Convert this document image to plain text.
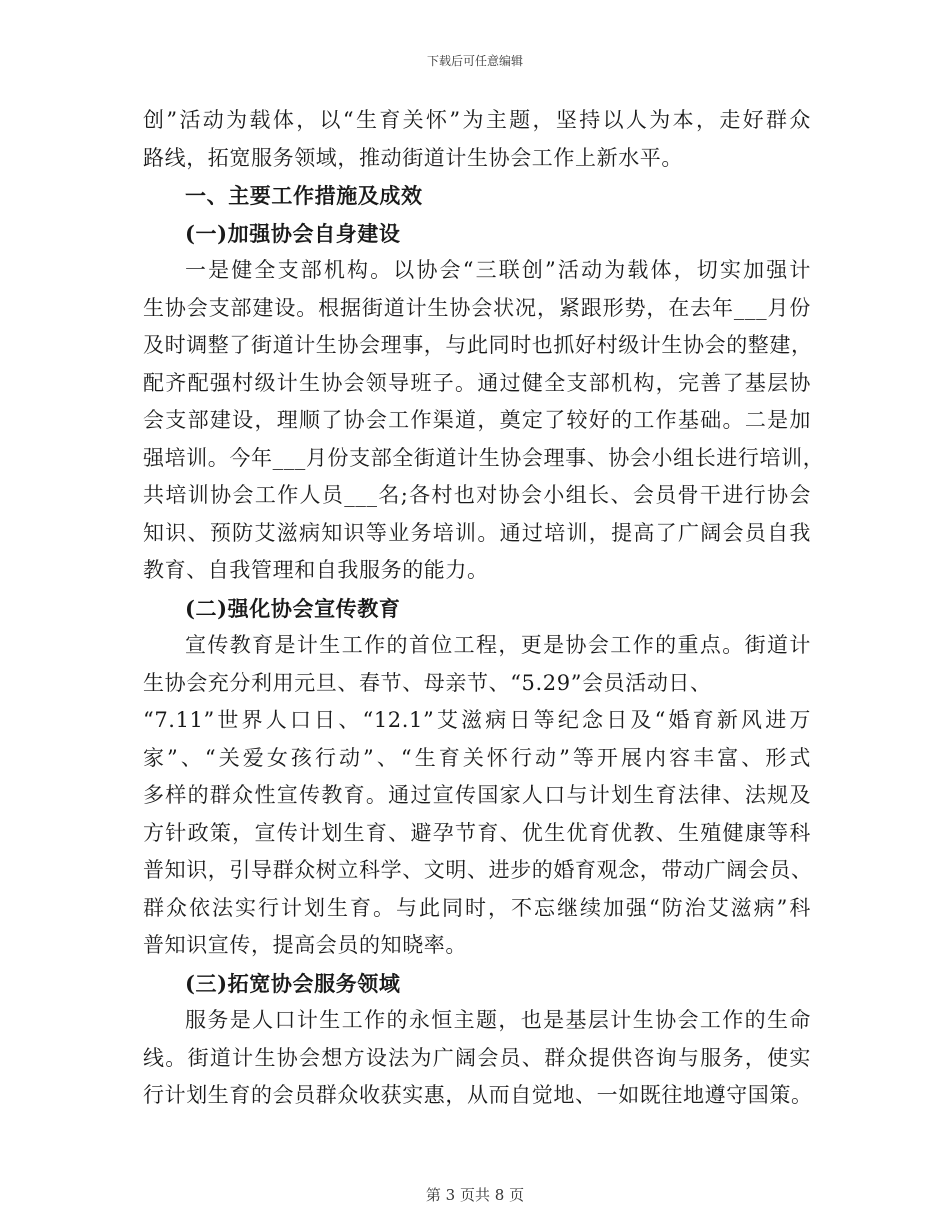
下载后可任意编辑
创”活动为载体，以“生育关怀”为主题，坚持以人为本，走好群众
路线，拓宽服务领域，推动街道计生协会工作上新水平。
一、主要工作措施及成效
(一)加强协会自身建设
一是健全支部机构。以协会“三联创”活动为载体，切实加强计
生协会支部建设。根据街道计生协会状况，紧跟形势，在去年___月份
及时调整了街道计生协会理事，与此同时也抓好村级计生协会的整建，
配齐配强村级计生协会领导班子。通过健全支部机构，完善了基层协
会支部建设，理顺了协会工作渠道，奠定了较好的工作基础。二是加
强培训。今年___月份支部全街道计生协会理事、协会小组长进行培训，
共培训协会工作人员___名;各村也对协会小组长、会员骨干进行协会
知识、预防艾滋病知识等业务培训。通过培训，提高了广阔会员自我
教育、自我管理和自我服务的能力。
(二)强化协会宣传教育
宣传教育是计生工作的首位工程，更是协会工作的重点。街道计
生协会充分利用元旦、春节、母亲节、“5.29”会员活动日、
“7.11”世界人口日、“12.1”艾滋病日等纪念日及“婚育新风进万
家”、“关爱女孩行动”、“生育关怀行动”等开展内容丰富、形式
多样的群众性宣传教育。通过宣传国家人口与计划生育法律、法规及
方针政策，宣传计划生育、避孕节育、优生优育优教、生殖健康等科
普知识，引导群众树立科学、文明、进步的婚育观念，带动广阔会员、
群众依法实行计划生育。与此同时，不忘继续加强“防治艾滋病”科
普知识宣传，提高会员的知晓率。
(三)拓宽协会服务领域
服务是人口计生工作的永恒主题，也是基层计生协会工作的生命
线。街道计生协会想方设法为广阔会员、群众提供咨询与服务，使实
行计划生育的会员群众收获实惠，从而自觉地、一如既往地遵守国策。
第 3 页共 8 页
